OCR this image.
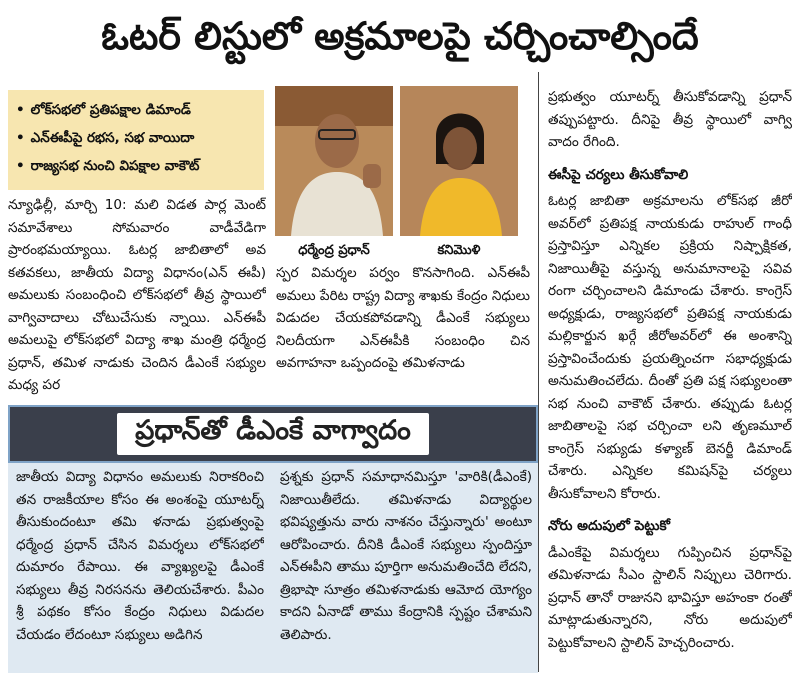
ఓటర్ లిస్టులో అక్రమాలపై చర్చించాల్సిందే
• లోక్‌సభలో ప్రతిపక్షాల డిమాండ్
• ఎన్‌ఈపీపై రభస, సభ వాయిదా
• రాజ్యసభ నుంచి విపక్షాల వాకౌట్
ధర్మేంద్ర ప్రధాన్	కనిమొళి
న్యూఢిల్లీ, మార్చి 10: మలి విడత పార్ల మెంట్ సమావేశాలు సోమవారం వాడీవేడిగా ప్రారంభమయ్యాయి. ఓటర్ల జాబితాలో అవ కతవకలు, జాతీయ విద్యా విధానం(ఎన్ ఈపీ) అమలుకు సంబంధించి లోక్‌సభలో తీవ్ర స్థాయిలో వాగ్వివాదాలు చోటుచేసుకు న్నాయి. ఎన్‌ఈపీ అమలుపై లోక్‌సభలో విద్యా శాఖ మంత్రి ధర్మేంద్ర ప్రధాన్, తమిళ నాడుకు చెందిన డీఎంకే సభ్యుల మధ్య పర
స్పర విమర్శల పర్వం కొనసాగింది. ఎన్‌ఈపీ అమలు పేరిట రాష్ట్ర విద్యా శాఖకు కేంద్రం నిధులు విడుదల చేయకపోవడాన్ని డీఎంకే సభ్యులు నిలదీయగా ఎన్‌ఈపీకి సంబంధిం చిన అవగాహనా ఒప్పందంపై తమిళనాడు
ప్రధాన్‌తో డీఎంకే వాగ్వాదం
జాతీయ విద్యా విధానం అమలుకు నిరాకరించి తన రాజకీయాల కోసం ఈ అంశంపై యూటర్న్ తీసుకుందంటూ తమి ళనాడు ప్రభుత్వంపై ధర్మేంద్ర ప్రధాన్ చేసిన విమర్శలు లోక్‌సభలో దుమారం రేపాయి. ఈ వ్యాఖ్యలపై డీఎంకే సభ్యులు తీవ్ర నిరసనను తెలియచేశారు. పీఎం శ్రీ పథకం కోసం కేంద్రం నిధులు విడుదల చేయడం లేదంటూ సభ్యులు అడిగిన
ప్రశ్నకు ప్రధాన్ సమాధానమిస్తూ 'వారికి(డీఎంకే) నిజాయితీలేదు. తమిళనాడు విద్యార్థుల భవిష్యత్తును వారు నాశనం చేస్తున్నారు' అంటూ ఆరోపించారు. దీనికి డీఎంకే సభ్యులు స్పందిస్తూ ఎన్‌ఈపీని తాము పూర్తిగా అనుమతించేది లేదని, త్రిభాషా సూత్రం తమిళనాడుకు ఆమోద యోగ్యం కాదని ఏనాడో తాము కేంద్రానికి స్పష్టం చేశామని తెలిపారు.

ప్రభుత్వం యూటర్న్ తీసుకోవడాన్ని ప్రధాన్ తప్పుపట్టారు. దీనిపై తీవ్ర స్థాయిలో వాగ్వి వాదం రేగింది.

ఈసీపై చర్యలు తీసుకోవాలి

ఓటర్ల జాబితా అక్రమాలను లోక్‌సభ జీరో అవర్‌లో ప్రతిపక్ష నాయకుడు రాహుల్ గాంధీ ప్రస్తావిస్తూ ఎన్నికల ప్రక్రియ నిష్పాక్షికత, నిజాయితీపై వస్తున్న అనుమానాలపై సవివ రంగా చర్చించాలని డిమాండు చేశారు. కాంగ్రెస్ అధ్యక్షుడు, రాజ్యసభలో ప్రతిపక్ష నాయకుడు మల్లికార్జున ఖర్గే జీరోఅవర్‌లో ఈ అంశాన్ని ప్రస్తావించేందుకు ప్రయత్నించగా సభాధ్యక్షుడు అనుమతించలేదు. దీంతో ప్రతి పక్ష సభ్యులంతా సభ నుంచి వాకౌట్ చేశారు. తప్పుడు ఓటర్ల జాబితాలపై సభ చర్చించా లని తృణమూల్ కాంగ్రెస్ సభ్యుడు కళ్యాణ్ బెనర్జీ డిమాండ్ చేశారు. ఎన్నికల కమిషన్‌పై చర్యలు తీసుకోవాలని కోరారు.

నోరు అదుపులో పెట్టుకో

డీఎంకేపై విమర్శలు గుప్పించిన ప్రధాన్‌పై తమిళనాడు సీఎం స్టాలిన్ నిప్పులు చెరిగారు. ప్రధాన్ తానో రాజునని భావిస్తూ అహంకా రంతో మాట్లాడుతున్నారని, నోరు అదుపులో పెట్టుకోవాలని స్టాలిన్ హెచ్చరించారు.
